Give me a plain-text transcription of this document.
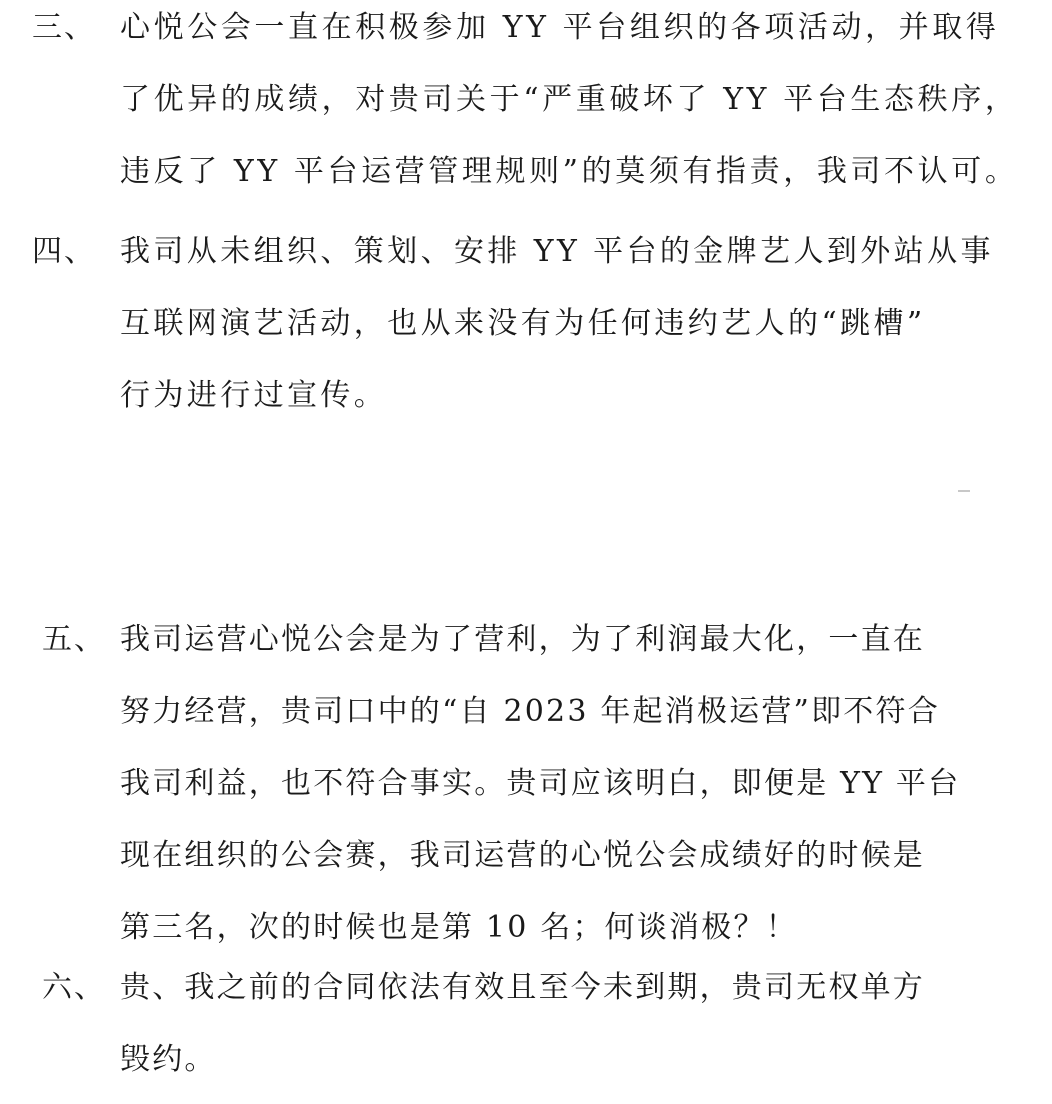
三、 心悦公会一直在积极参加 YY 平台组织的各项活动，并取得
了优异的成绩，对贵司关于“严重破坏了 YY 平台生态秩序，
违反了 YY 平台运营管理规则”的莫须有指责，我司不认可。
四、 我司从未组织、策划、安排 YY 平台的金牌艺人到外站从事
互联网演艺活动，也从来没有为任何违约艺人的“跳槽”
行为进行过宣传。
五、 我司运营心悦公会是为了营利，为了利润最大化，一直在
努力经营，贵司口中的“自 2023 年起消极运营”即不符合
我司利益，也不符合事实。贵司应该明白，即便是 YY 平台
现在组织的公会赛，我司运营的心悦公会成绩好的时候是
第三名，次的时候也是第 10 名；何谈消极？！
六、 贵、我之前的合同依法有效且至今未到期，贵司无权单方
毁约。
